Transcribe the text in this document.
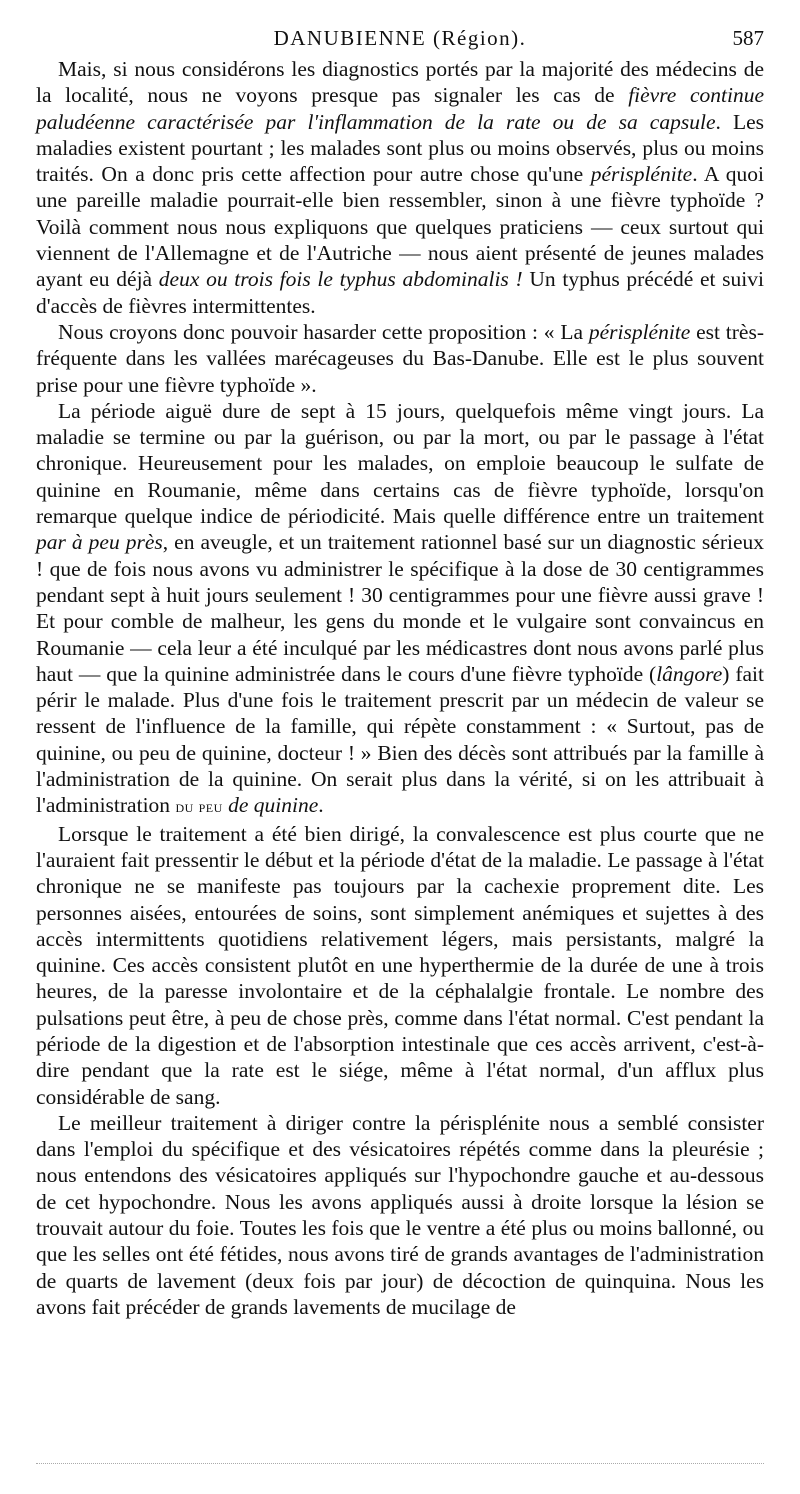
DANUBIENNE (Région).	587

Mais, si nous considérons les diagnostics portés par la majorité des médecins de la localité, nous ne voyons presque pas signaler les cas de fièvre continue paludéenne caractérisée par l'inflammation de la rate ou de sa capsule. Les maladies existent pourtant ; les malades sont plus ou moins observés, plus ou moins traités. On a donc pris cette affection pour autre chose qu'une périsplénite. A quoi une pareille maladie pourrait-elle bien ressembler, sinon à une fièvre typhoïde ? Voilà comment nous nous expliquons que quelques praticiens — ceux surtout qui viennent de l'Allemagne et de l'Autriche — nous aient présenté de jeunes malades ayant eu déjà deux ou trois fois le typhus abdominalis ! Un typhus précédé et suivi d'accès de fièvres intermittentes.

Nous croyons donc pouvoir hasarder cette proposition : « La périsplénite est très-fréquente dans les vallées marécageuses du Bas-Danube. Elle est le plus souvent prise pour une fièvre typhoïde ».

La période aiguë dure de sept à 15 jours, quelquefois même vingt jours. La maladie se termine ou par la guérison, ou par la mort, ou par le passage à l'état chronique. Heureusement pour les malades, on emploie beaucoup le sulfate de quinine en Roumanie, même dans certains cas de fièvre typhoïde, lorsqu'on remarque quelque indice de périodicité. Mais quelle différence entre un traitement par à peu près, en aveugle, et un traitement rationnel basé sur un diagnostic sérieux ! que de fois nous avons vu administrer le spécifique à la dose de 30 centigrammes pendant sept à huit jours seulement ! 30 centigrammes pour une fièvre aussi grave ! Et pour comble de malheur, les gens du monde et le vulgaire sont convaincus en Roumanie — cela leur a été inculqué par les médicastres dont nous avons parlé plus haut — que la quinine administrée dans le cours d'une fièvre typhoïde (lângore) fait périr le malade. Plus d'une fois le traitement prescrit par un médecin de valeur se ressent de l'influence de la famille, qui répète constamment : « Surtout, pas de quinine, ou peu de quinine, docteur ! » Bien des décès sont attribués par la famille à l'administration de la quinine. On serait plus dans la vérité, si on les attribuait à l'administration du peu de quinine.

Lorsque le traitement a été bien dirigé, la convalescence est plus courte que ne l'auraient fait pressentir le début et la période d'état de la maladie. Le passage à l'état chronique ne se manifeste pas toujours par la cachexie proprement dite. Les personnes aisées, entourées de soins, sont simplement anémiques et sujettes à des accès intermittents quotidiens relativement légers, mais persistants, malgré la quinine. Ces accès consistent plutôt en une hyperthermie de la durée de une à trois heures, de la paresse involontaire et de la céphalalgie frontale. Le nombre des pulsations peut être, à peu de chose près, comme dans l'état normal. C'est pendant la période de la digestion et de l'absorption intestinale que ces accès arrivent, c'est-à-dire pendant que la rate est le siége, même à l'état normal, d'un afflux plus considérable de sang.

Le meilleur traitement à diriger contre la périsplénite nous a semblé consister dans l'emploi du spécifique et des vésicatoires répétés comme dans la pleurésie ; nous entendons des vésicatoires appliqués sur l'hypochondre gauche et au-dessous de cet hypochondre. Nous les avons appliqués aussi à droite lorsque la lésion se trouvait autour du foie. Toutes les fois que le ventre a été plus ou moins ballonné, ou que les selles ont été fétides, nous avons tiré de grands avantages de l'administration de quarts de lavement (deux fois par jour) de décoction de quinquina. Nous les avons fait précéder de grands lavements de mucilage de
